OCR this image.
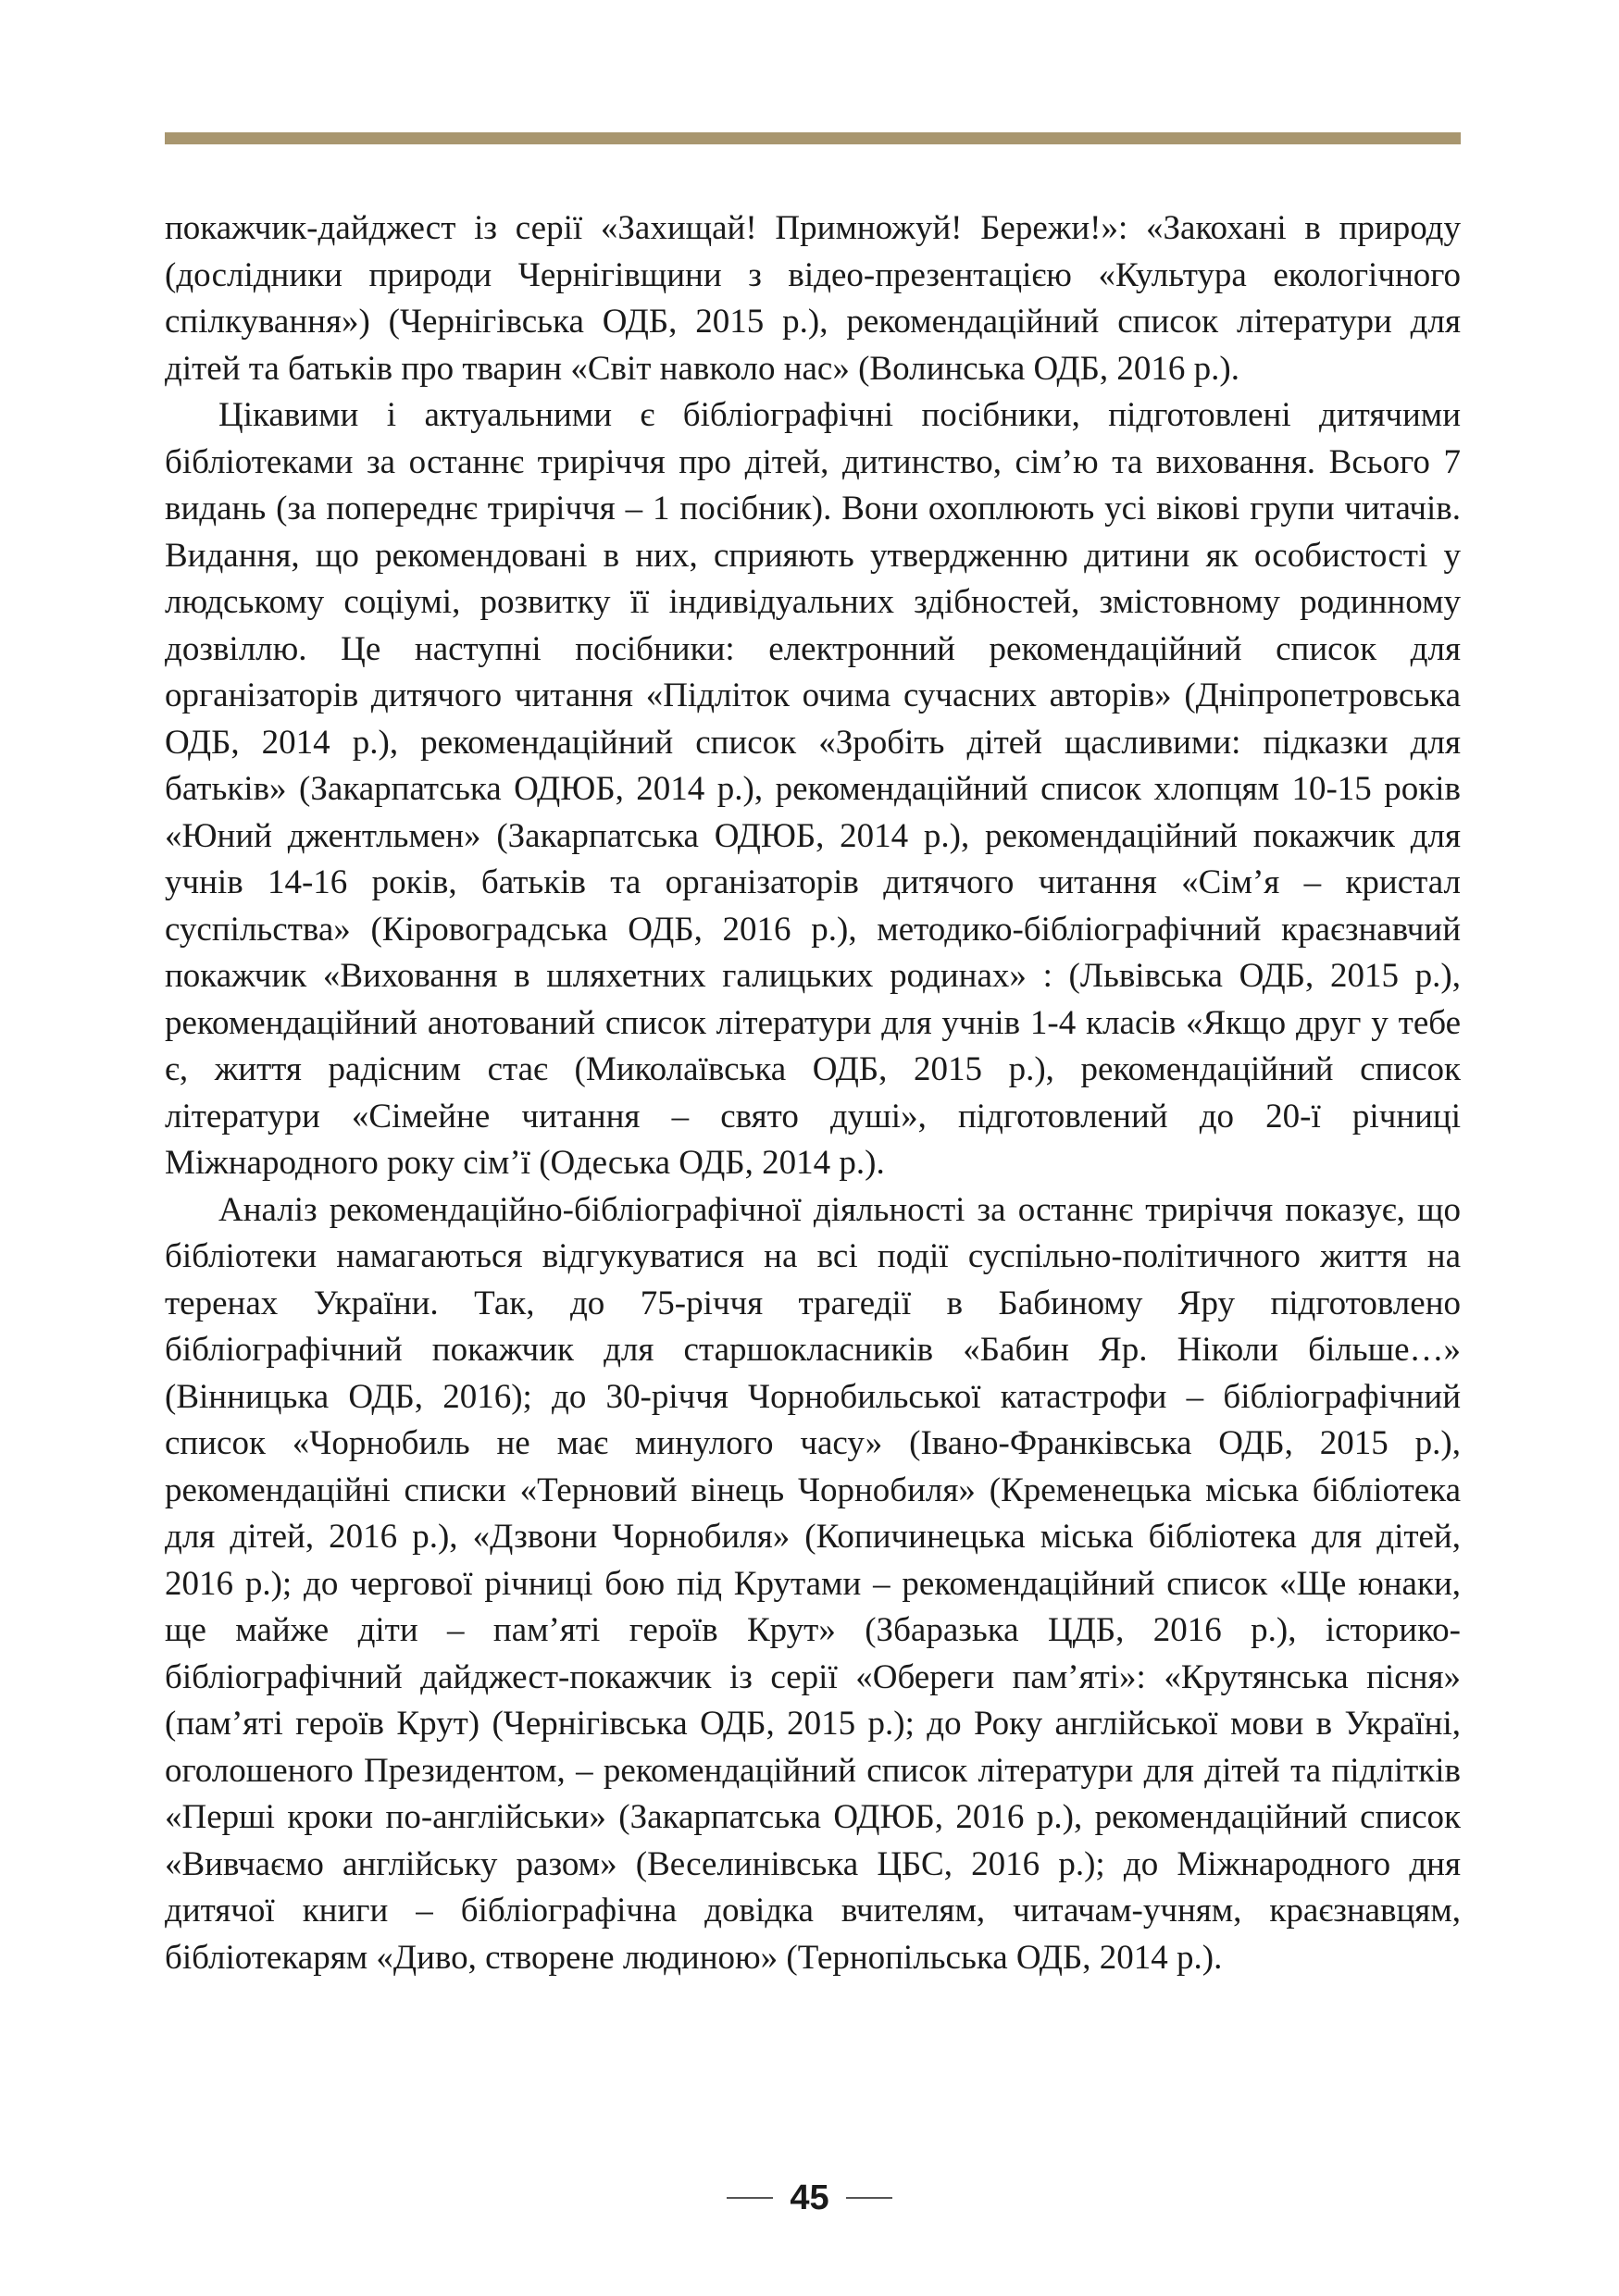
покажчик-дайджест із серії «Захищай! Примножуй! Бережи!»: «Закохані в природу (дослідники природи Чернігівщини з відео-презентацією «Культура екологічного спілкування») (Чернігівська ОДБ, 2015 р.), рекомендаційний список літератури для дітей та батьків про тварин «Світ навколо нас» (Волинська ОДБ, 2016 р.).

Цікавими і актуальними є бібліографічні посібники, підготовлені дитячими бібліотеками за останнє триріччя про дітей, дитинство, сім’ю та виховання. Всього 7 видань (за попереднє триріччя – 1 посібник). Вони охоплюють усі вікові групи читачів. Видання, що рекомендовані в них, сприяють утвердженню дитини як особистості у людському соціумі, розвитку її індивідуальних здібностей, змістовному родинному дозвіллю. Це наступні посібники: електронний рекомендаційний список для організаторів дитячого читання «Підліток очима сучасних авторів» (Дніпропетровська ОДБ, 2014 р.), рекомендаційний список «Зробіть дітей щасливими: підказки для батьків» (Закарпатська ОДЮБ, 2014 р.), рекомендаційний список хлопцям 10-15 років «Юний джентльмен» (Закарпатська ОДЮБ, 2014 р.), рекомендаційний покажчик для учнів 14-16 років, батьків та організаторів дитячого читання «Сім’я – кристал суспільства» (Кіровоградська ОДБ, 2016 р.), методико-бібліографічний краєзнавчий покажчик «Виховання в шляхетних галицьких родинах» : (Львівська ОДБ, 2015 р.), рекомендаційний анотований список літератури для учнів 1-4 класів «Якщо друг у тебе є, життя радісним стає (Миколаївська ОДБ, 2015 р.), рекомендаційний список літератури «Сімейне читання – свято душі», підготовлений до 20-ї річниці Міжнародного року сім’ї (Одеська ОДБ, 2014 р.).

Аналіз рекомендаційно-бібліографічної діяльності за останнє триріччя показує, що бібліотеки намагаються відгукуватися на всі події суспільно-політичного життя на теренах України. Так, до 75-річчя трагедії в Бабиному Яру підготовлено бібліографічний покажчик для старшокласників «Бабин Яр. Ніколи більше…» (Вінницька ОДБ, 2016); до 30-річчя Чорнобильської катастрофи – бібліографічний список «Чорнобиль не має минулого часу» (Івано-Франківська ОДБ, 2015 р.), рекомендаційні списки «Терновий вінець Чорнобиля» (Кременецька міська бібліотека для дітей, 2016 р.), «Дзвони Чорнобиля» (Копичинецька міська бібліотека для дітей, 2016 р.); до чергової річниці бою під Крутами – рекомендаційний список «Ще юнаки, ще майже діти – пам’яті героїв Крут» (Збаразька ЦДБ, 2016 р.), історико-бібліографічний дайджест-покажчик із серії «Обереги пам’яті»: «Крутянська пісня» (пам’яті героїв Крут) (Чернігівська ОДБ, 2015 р.); до Року англійської мови в Україні, оголошеного Президентом, – рекомендаційний список літератури для дітей та підлітків «Перші кроки по-англійськи» (Закарпатська ОДЮБ, 2016 р.), рекомендаційний список «Вивчаємо англійську разом» (Веселинівська ЦБС, 2016 р.); до Міжнародного дня дитячої книги – бібліографічна довідка вчителям, читачам-учням, краєзнавцям, бібліотекарям «Диво, створене людиною» (Тернопільська ОДБ, 2014 р.).

45
